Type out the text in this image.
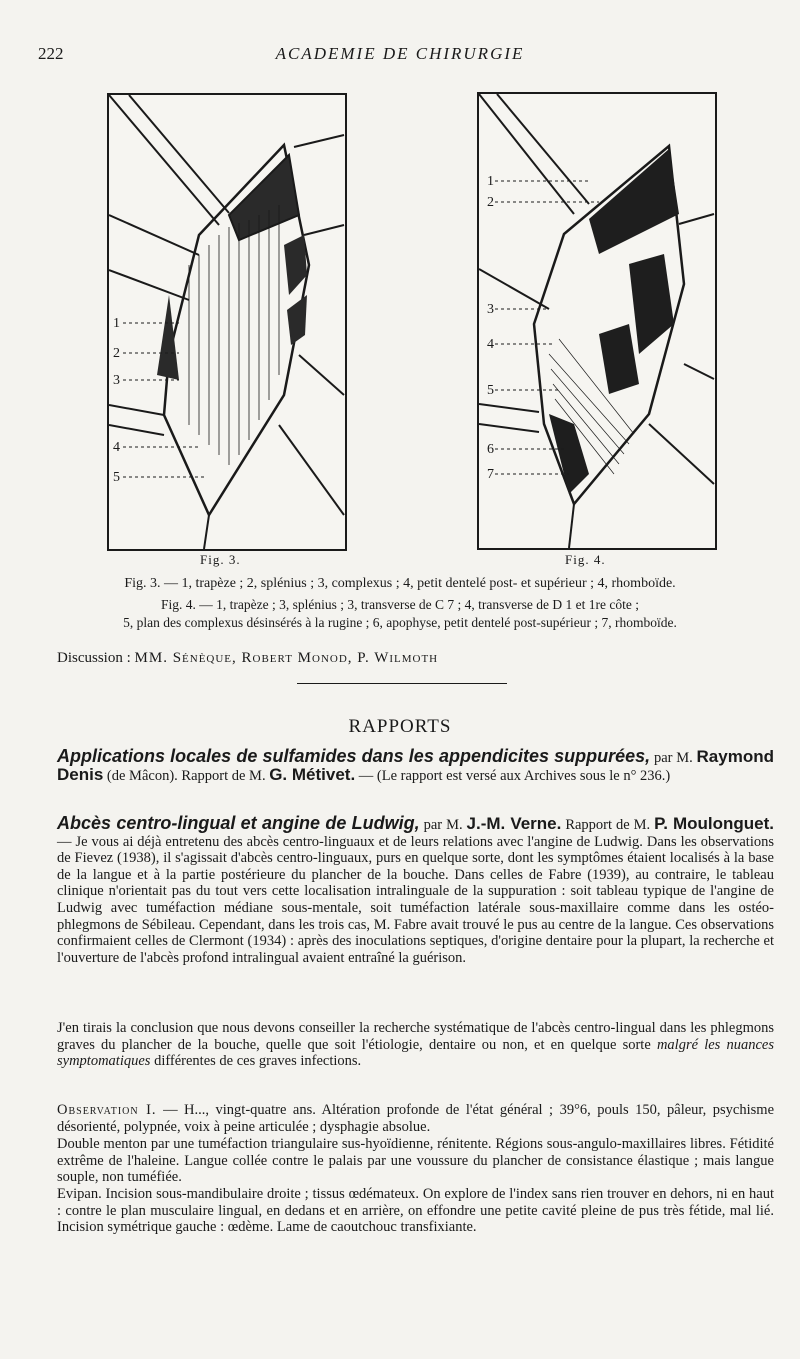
222	ACADEMIE DE CHIRURGIE
1
2
3
4
5
1
2
3
4
5
6
7
Fig. 3.	Fig. 4.
Fig. 3. — 1, trapèze ; 2, splénius ; 3, complexus ; 4, petit dentelé post- et supérieur ; 4, rhomboïde.
Fig. 4. — 1, trapèze ; 3, splénius ; 3, transverse de C 7 ; 4, transverse de D 1 et 1re côte ;
5, plan des complexus désinsérés à la rugine ; 6, apophyse, petit dentelé post-supérieur ; 7, rhomboïde.
Discussion : MM. Sénèque, Robert Monod, P. Wilmoth
RAPPORTS
Applications locales de sulfamides dans les appendicites suppurées, par M. Raymond Denis (de Mâcon). Rapport de M. G. Métivet. — (Le rapport est versé aux Archives sous le n° 236.)
Abcès centro-lingual et angine de Ludwig, par M. J.-M. Verne. Rapport de M. P. Moulonguet. — Je vous ai déjà entretenu des abcès centro-linguaux et de leurs relations avec l'angine de Ludwig. Dans les observations de Fievez (1938), il s'agissait d'abcès centro-linguaux, purs en quelque sorte, dont les symptômes étaient localisés à la base de la langue et à la partie postérieure du plancher de la bouche. Dans celles de Fabre (1939), au contraire, le tableau clinique n'orientait pas du tout vers cette localisation intralinguale de la suppuration : soit tableau typique de l'angine de Ludwig avec tuméfaction médiane sous-mentale, soit tuméfaction latérale sous-maxillaire comme dans les ostéo-phlegmons de Sébileau. Cependant, dans les trois cas, M. Fabre avait trouvé le pus au centre de la langue. Ces observations confirmaient celles de Clermont (1934) : après des inoculations septiques, d'origine dentaire pour la plupart, la recherche et l'ouverture de l'abcès profond intralingual avaient entraîné la guérison.
J'en tirais la conclusion que nous devons conseiller la recherche systématique de l'abcès centro-lingual dans les phlegmons graves du plancher de la bouche, quelle que soit l'étiologie, dentaire ou non, et en quelque sorte malgré les nuances symptomatiques différentes de ces graves infections.
Observation I. — H..., vingt-quatre ans. Altération profonde de l'état général ; 39°6, pouls 150, pâleur, psychisme désorienté, polypnée, voix à peine articulée ; dysphagie absolue.
Double menton par une tuméfaction triangulaire sus-hyoïdienne, rénitente. Régions sous-angulo-maxillaires libres. Fétidité extrême de l'haleine. Langue collée contre le palais par une voussure du plancher de consistance élastique ; mais langue souple, non tuméfiée.
Evipan. Incision sous-mandibulaire droite ; tissus œdémateux. On explore de l'index sans rien trouver en dehors, ni en haut : contre le plan musculaire lingual, en dedans et en arrière, on effondre une petite cavité pleine de pus très fétide, mal lié. Incision symétrique gauche : œdème. Lame de caoutchouc transfixiante.
